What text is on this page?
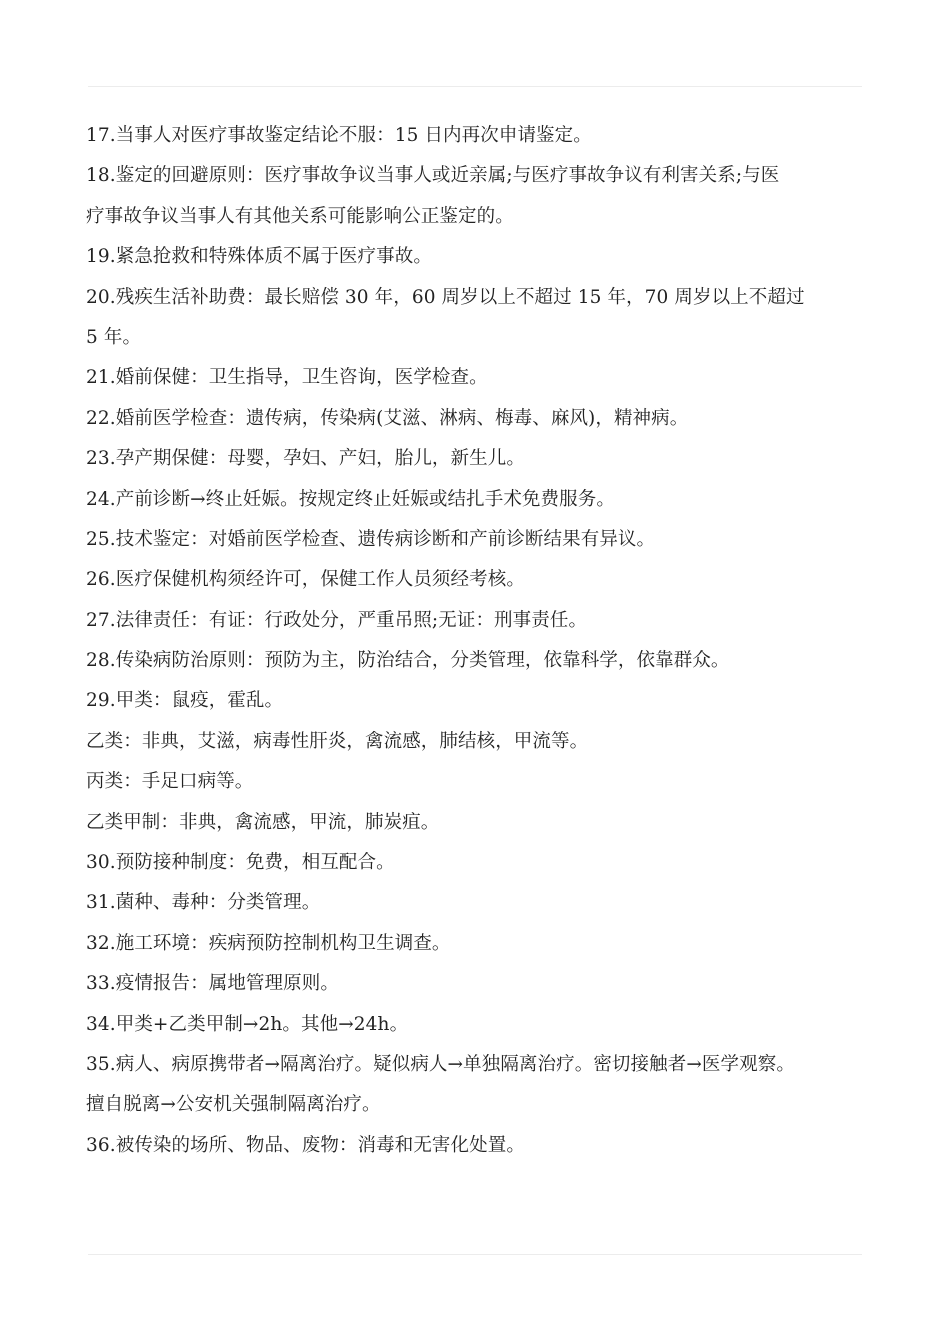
17.当事人对医疗事故鉴定结论不服：15 日内再次申请鉴定。
18.鉴定的回避原则：医疗事故争议当事人或近亲属;与医疗事故争议有利害关系;与医
疗事故争议当事人有其他关系可能影响公正鉴定的。
19.紧急抢救和特殊体质不属于医疗事故。
20.残疾生活补助费：最长赔偿 30 年，60 周岁以上不超过 15 年，70 周岁以上不超过
5 年。
21.婚前保健：卫生指导，卫生咨询，医学检查。
22.婚前医学检查：遗传病，传染病(艾滋、淋病、梅毒、麻风)，精神病。
23.孕产期保健：母婴，孕妇、产妇，胎儿，新生儿。
24.产前诊断→终止妊娠。按规定终止妊娠或结扎手术免费服务。
25.技术鉴定：对婚前医学检查、遗传病诊断和产前诊断结果有异议。
26.医疗保健机构须经许可，保健工作人员须经考核。
27.法律责任：有证：行政处分，严重吊照;无证：刑事责任。
28.传染病防治原则：预防为主，防治结合，分类管理，依靠科学，依靠群众。
29.甲类：鼠疫，霍乱。
乙类：非典，艾滋，病毒性肝炎，禽流感，肺结核，甲流等。
丙类：手足口病等。
乙类甲制：非典，禽流感，甲流，肺炭疽。
30.预防接种制度：免费，相互配合。
31.菌种、毒种：分类管理。
32.施工环境：疾病预防控制机构卫生调查。
33.疫情报告：属地管理原则。
34.甲类+乙类甲制→2h。其他→24h。
35.病人、病原携带者→隔离治疗。疑似病人→单独隔离治疗。密切接触者→医学观察。
擅自脱离→公安机关强制隔离治疗。
36.被传染的场所、物品、废物：消毒和无害化处置。
